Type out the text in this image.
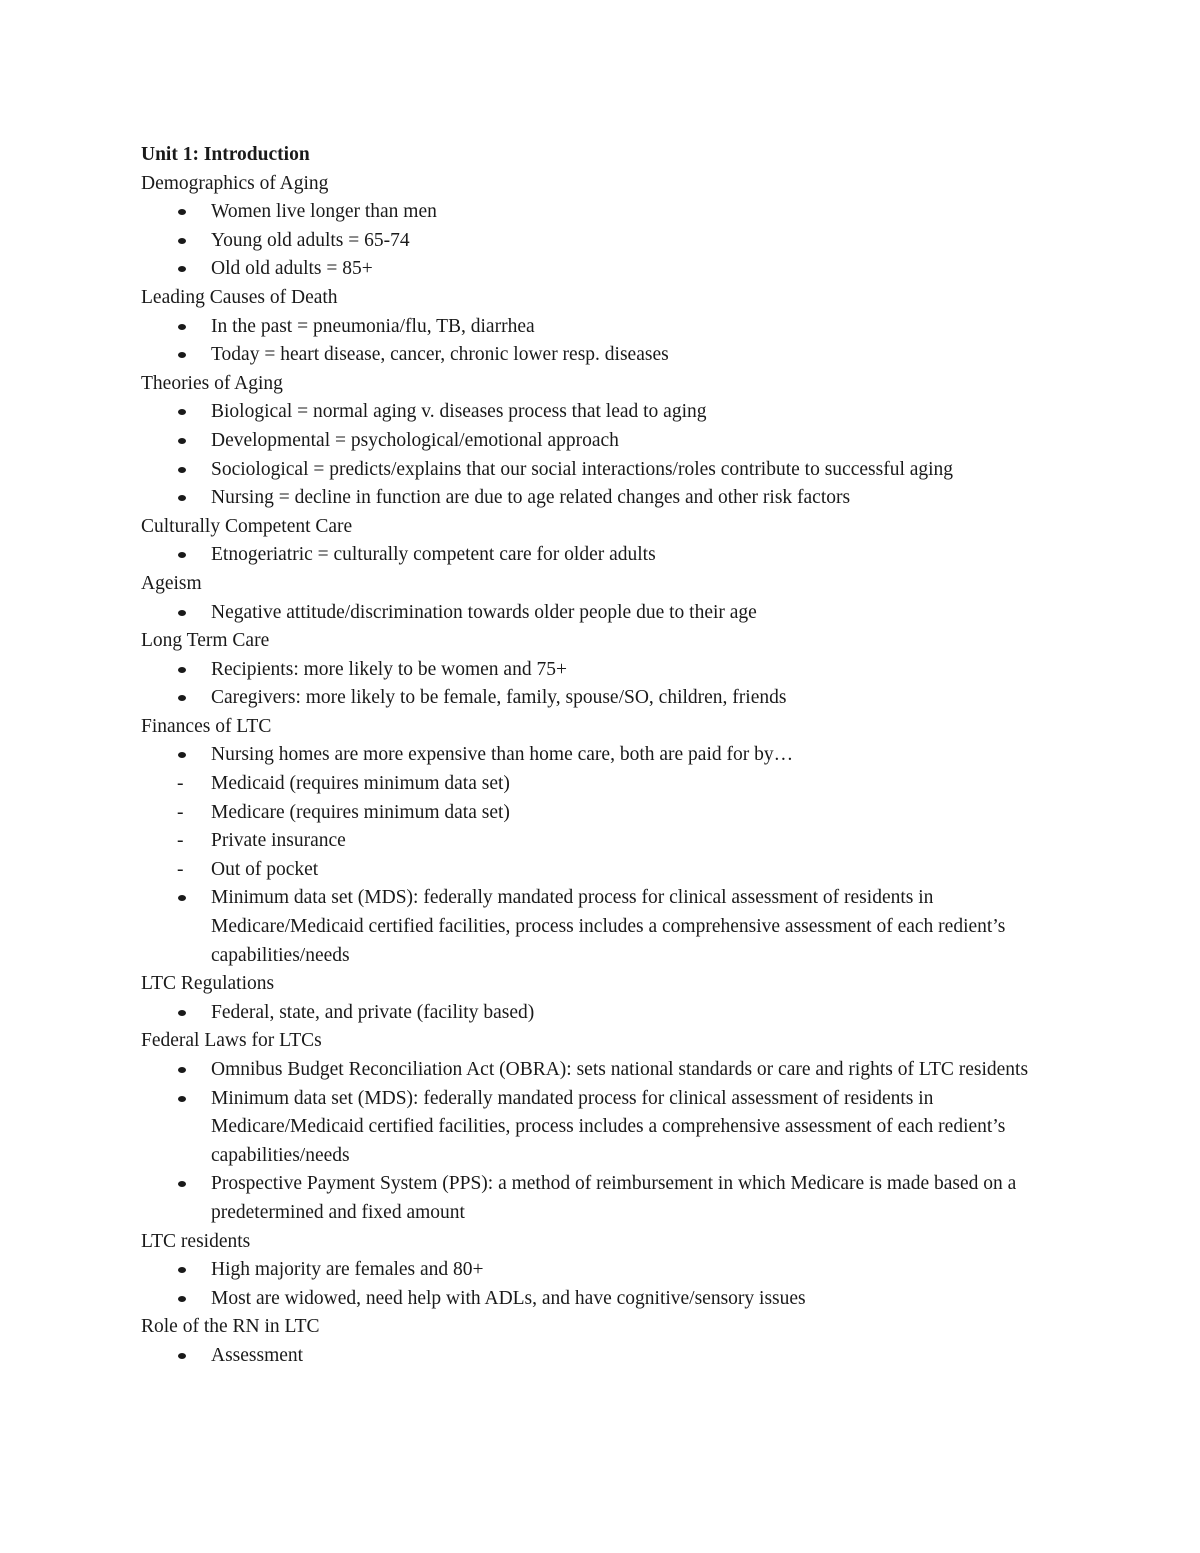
Unit 1: Introduction

Demographics of Aging

Women live longer than men
Young old adults = 65-74
Old old adults = 85+

Leading Causes of Death

In the past = pneumonia/flu, TB, diarrhea
Today = heart disease, cancer, chronic lower resp. diseases

Theories of Aging

Biological = normal aging v. diseases process that lead to aging
Developmental = psychological/emotional approach
Sociological = predicts/explains that our social interactions/roles contribute to successful aging
Nursing = decline in function are due to age related changes and other risk factors

Culturally Competent Care

Etnogeriatric = culturally competent care for older adults

Ageism

Negative attitude/discrimination towards older people due to their age

Long Term Care

Recipients: more likely to be women and 75+
Caregivers: more likely to be female, family, spouse/SO, children, friends

Finances of LTC

Nursing homes are more expensive than home care, both are paid for by…
Medicaid (requires minimum data set)
Medicare (requires minimum data set)
Private insurance
Out of pocket
Minimum data set (MDS): federally mandated process for clinical assessment of residents in Medicare/Medicaid certified facilities, process includes a comprehensive assessment of each redient’s capabilities/needs

LTC Regulations

Federal, state, and private (facility based)

Federal Laws for LTCs

Omnibus Budget Reconciliation Act (OBRA): sets national standards or care and rights of LTC residents
Minimum data set (MDS): federally mandated process for clinical assessment of residents in Medicare/Medicaid certified facilities, process includes a comprehensive assessment of each redient’s capabilities/needs
Prospective Payment System (PPS): a method of reimbursement in which Medicare is made based on a predetermined and fixed amount

LTC residents

High majority are females and 80+
Most are widowed, need help with ADLs, and have cognitive/sensory issues

Role of the RN in LTC

Assessment
